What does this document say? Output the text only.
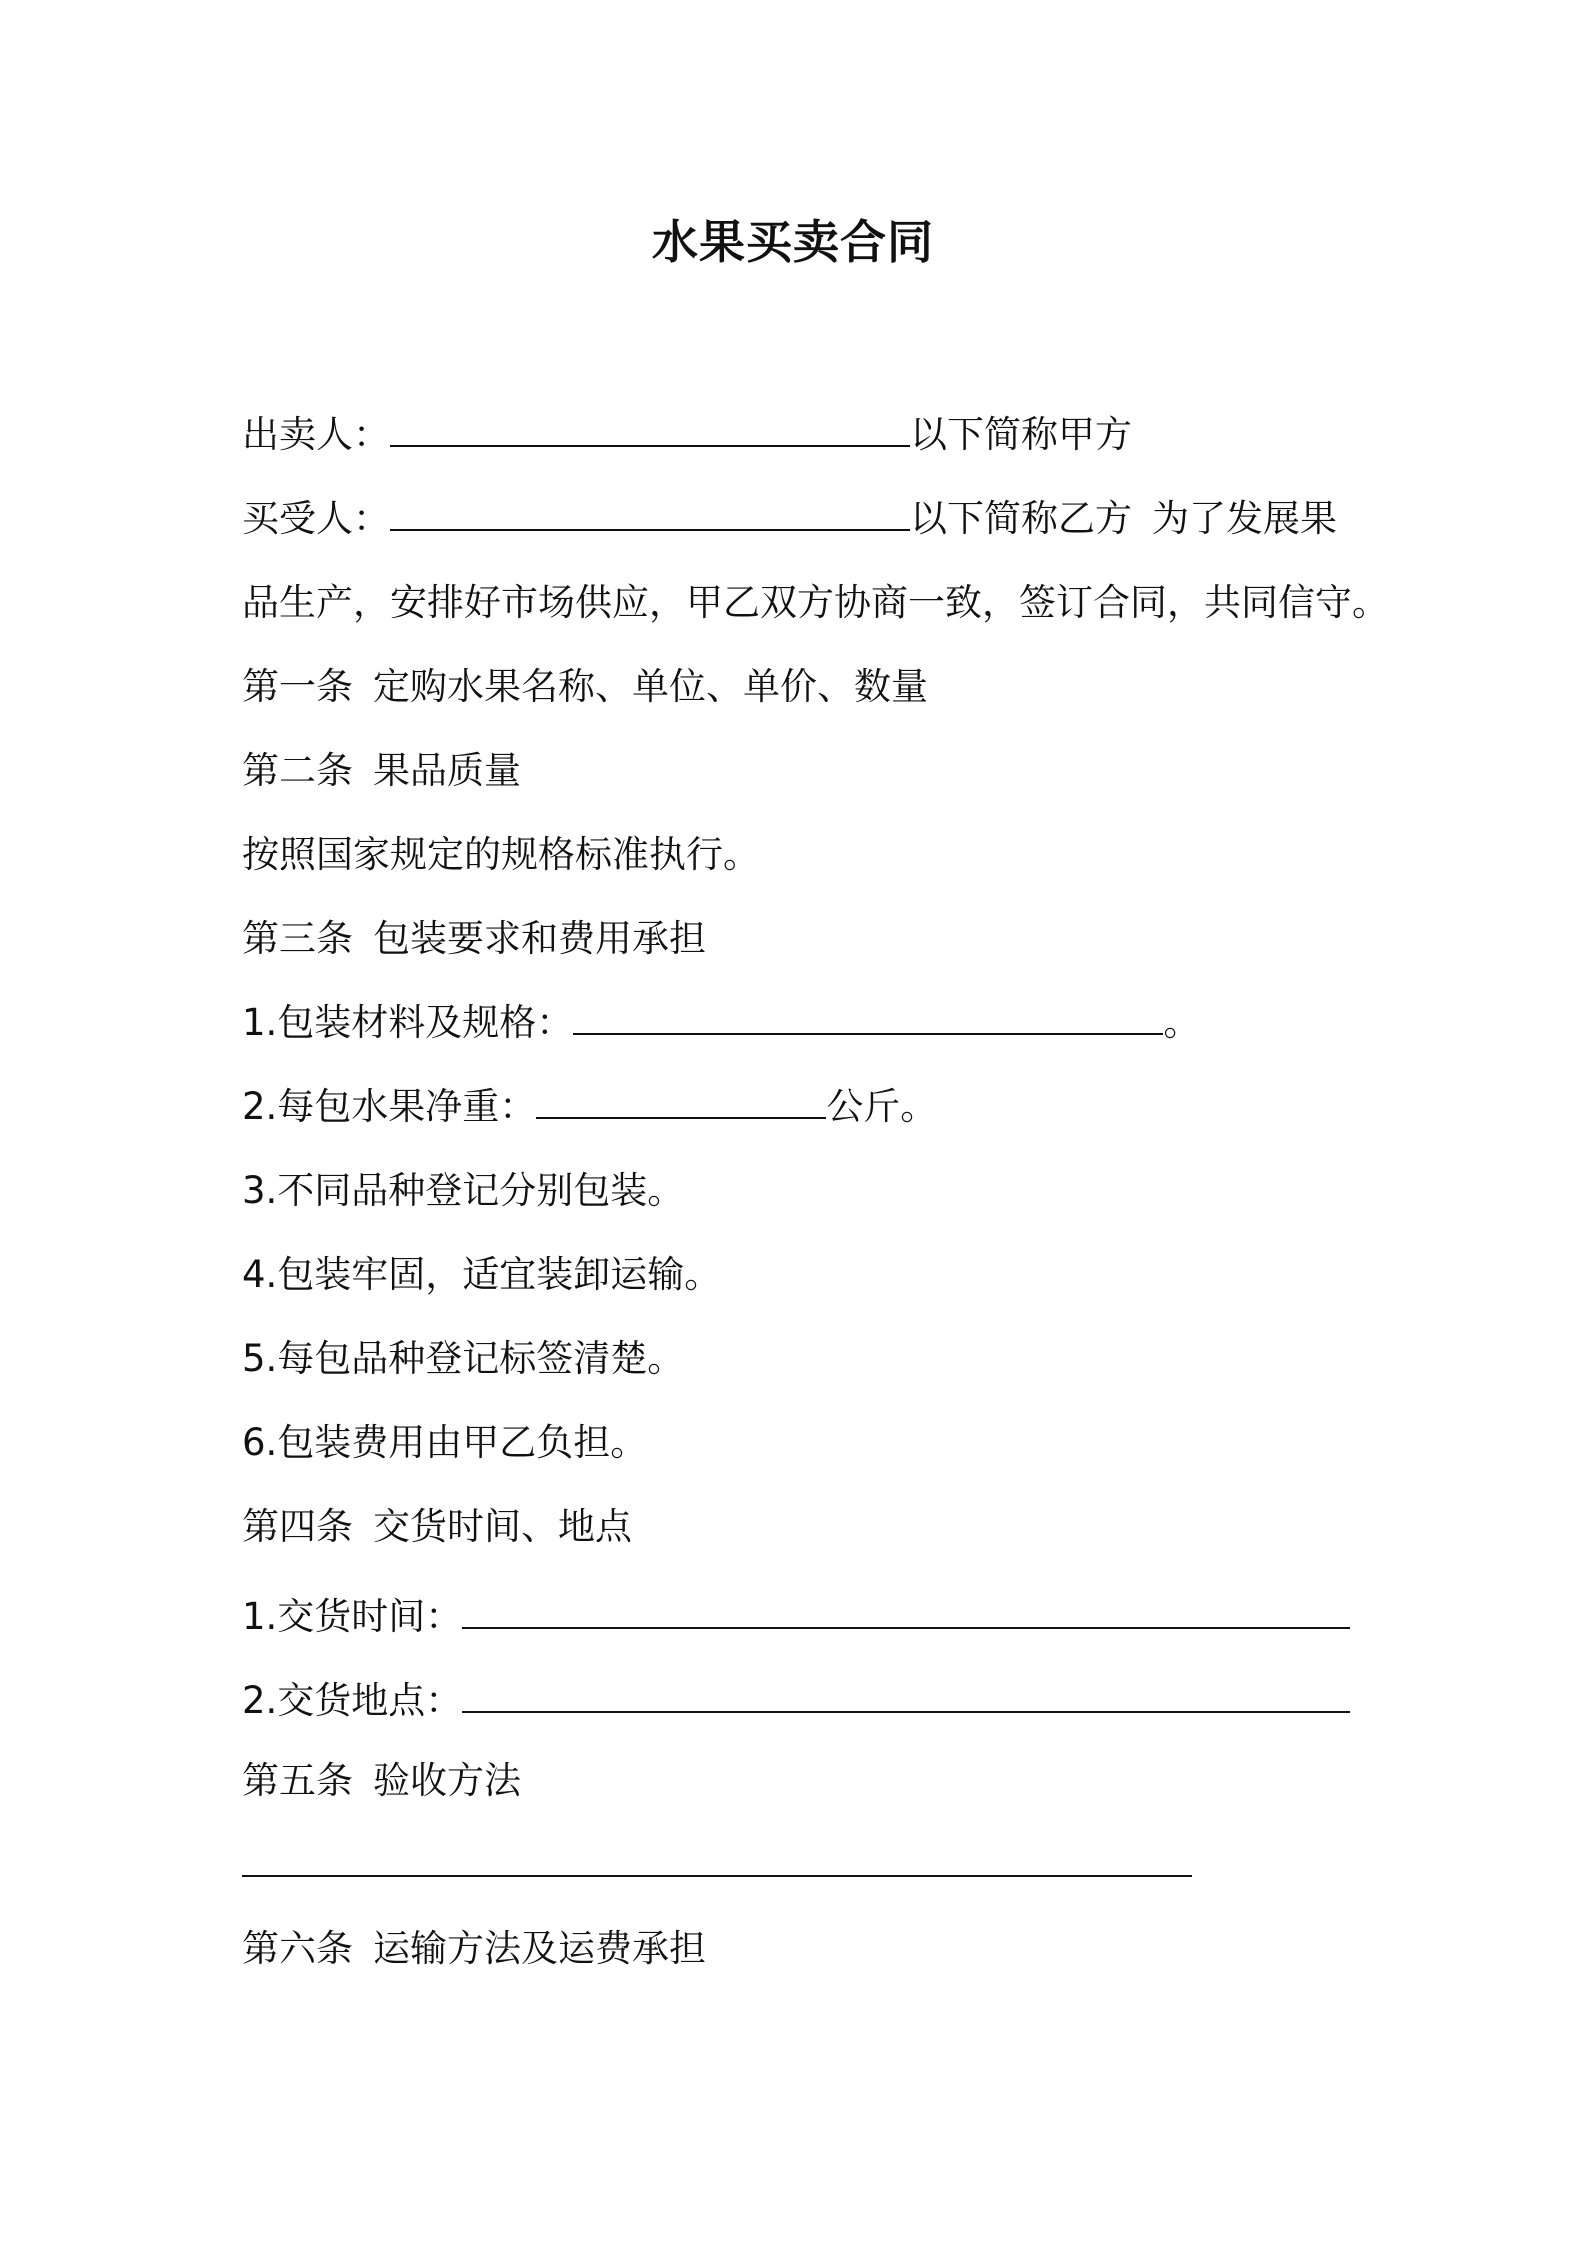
水果买卖合同
出卖人：	以下简称甲方
买受人：	以下简称乙方 为了发展果
品生产，安排好市场供应，甲乙双方协商一致，签订合同，共同信守。
第一条 定购水果名称、单位、单价、数量
第二条 果品质量
按照国家规定的规格标准执行。
第三条 包装要求和费用承担
1.包装材料及规格：	。
2.每包水果净重：	公斤。
3.不同品种登记分别包装。
4.包装牢固，适宜装卸运输。
5.每包品种登记标签清楚。
6.包装费用由甲乙负担。
第四条 交货时间、地点
1.交货时间：
2.交货地点：
第五条 验收方法
第六条 运输方法及运费承担
